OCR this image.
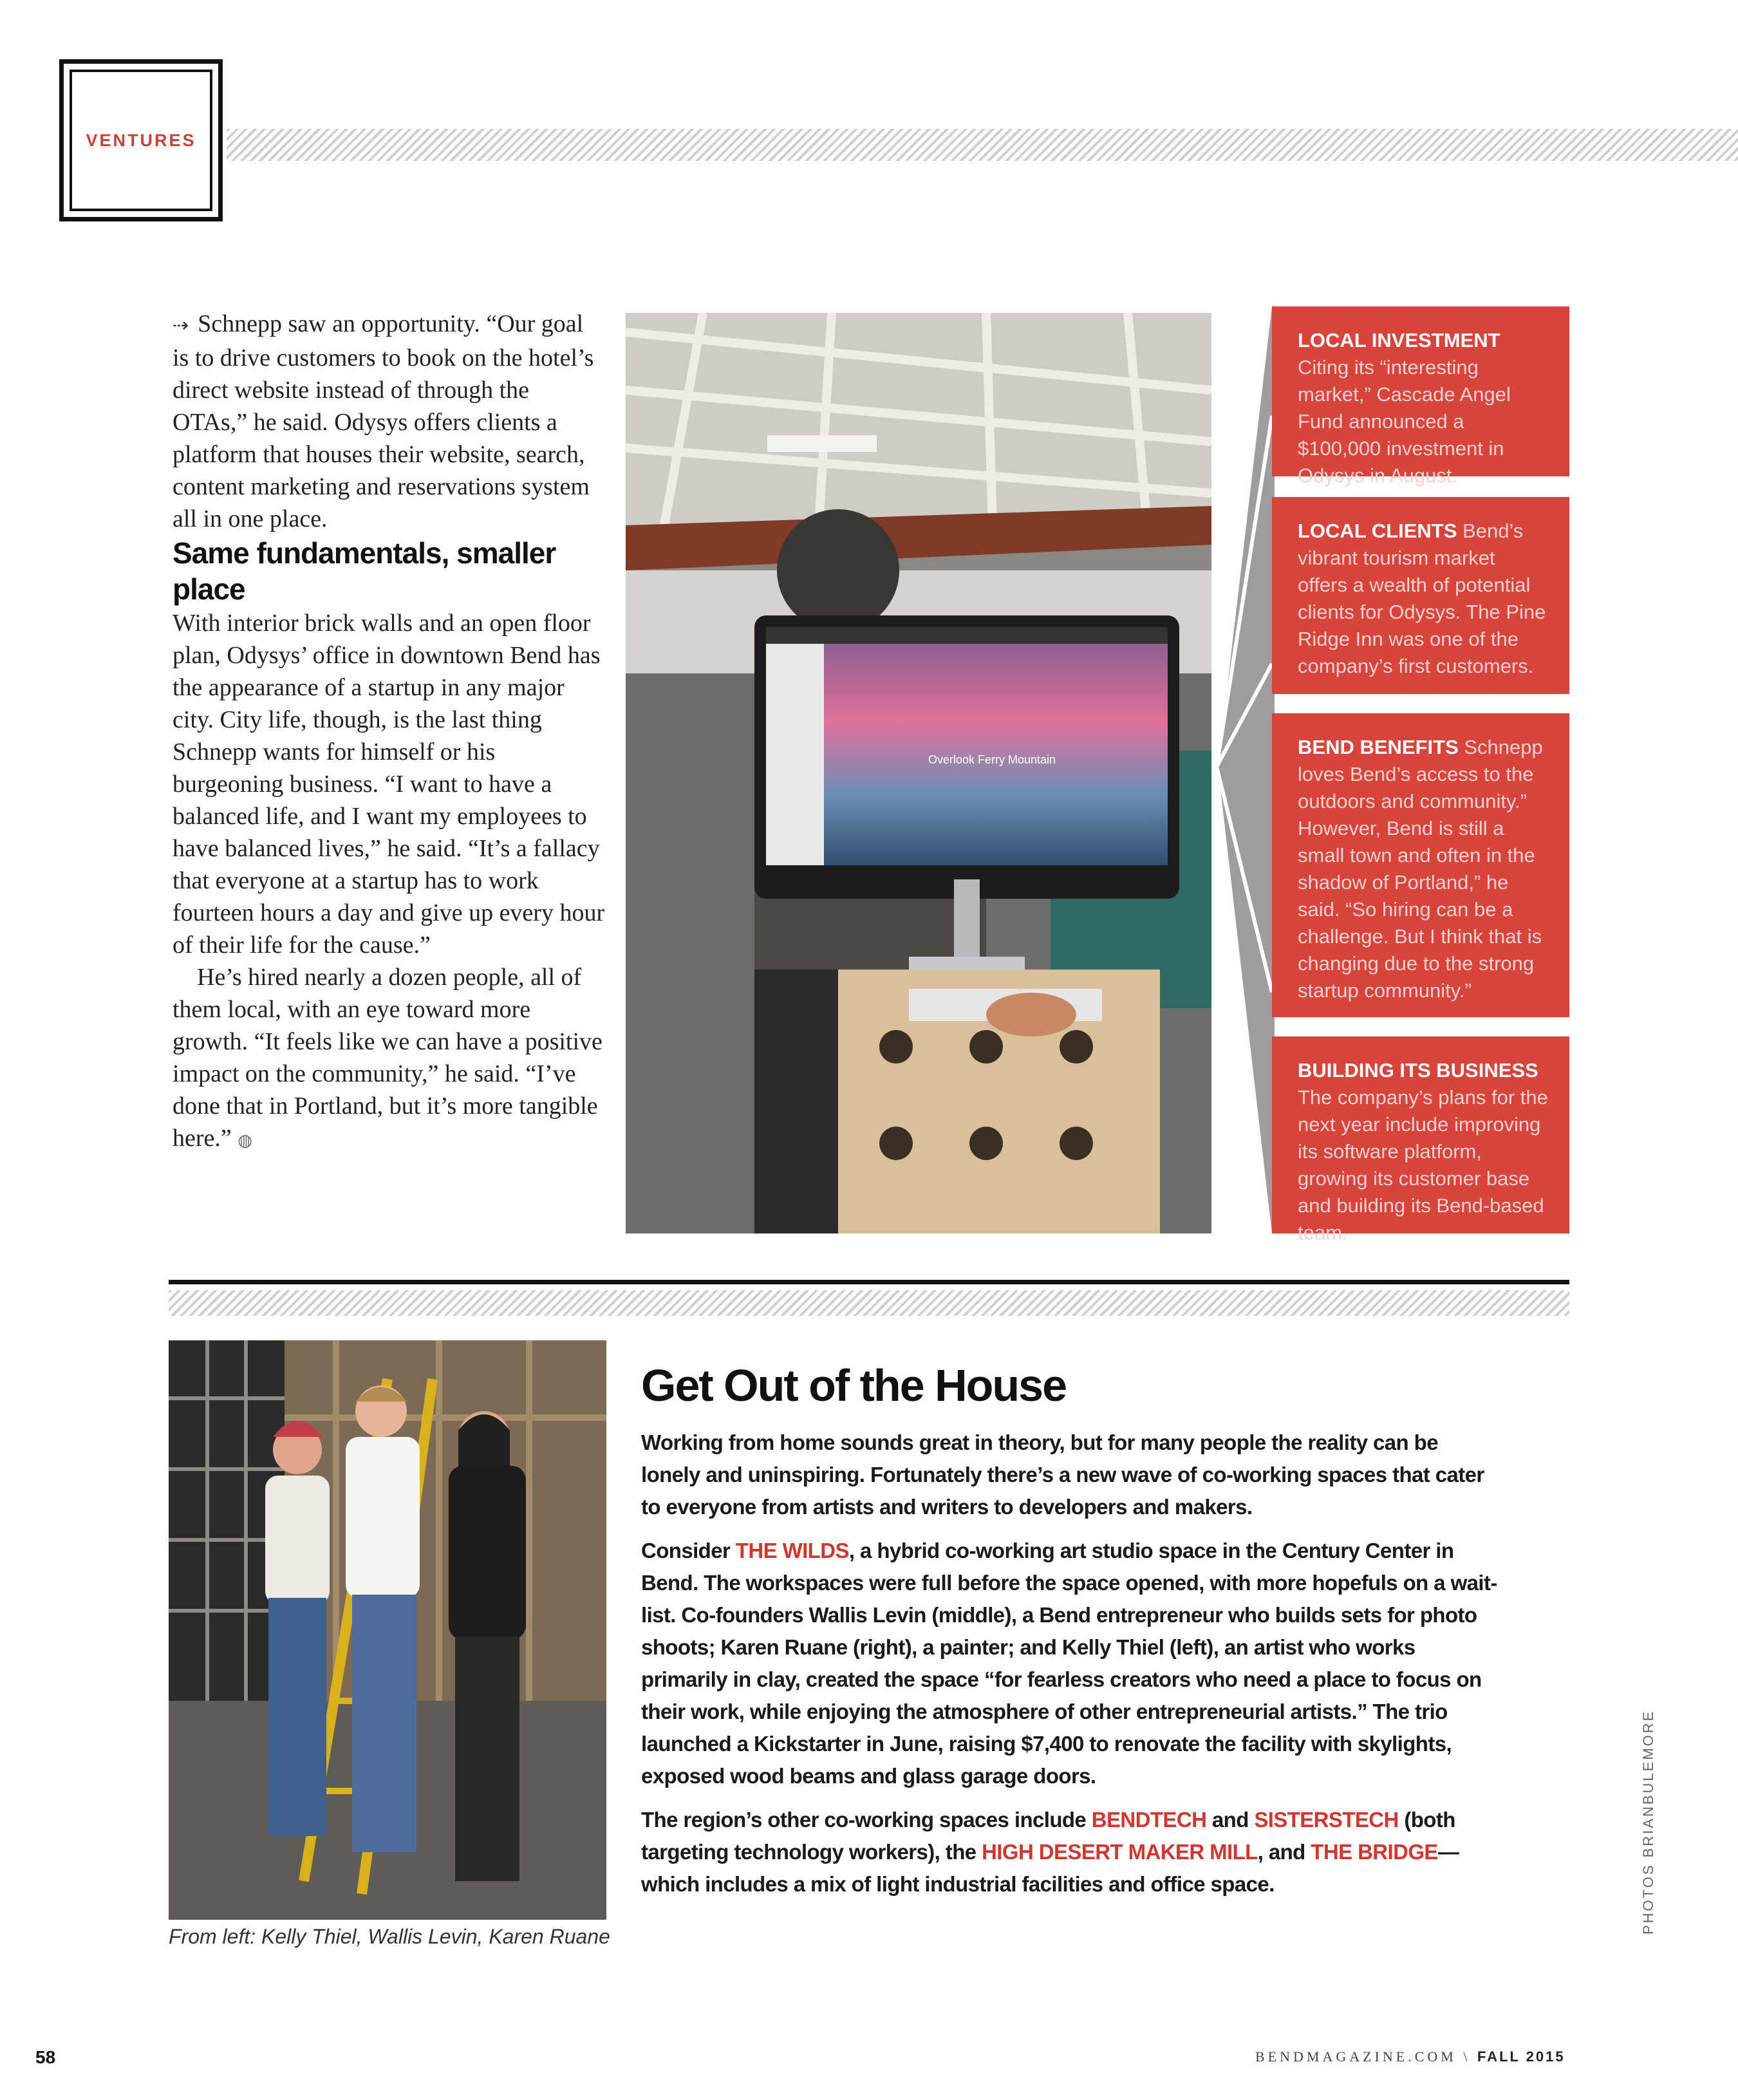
VENTURES

⇢ Schnepp saw an opportunity. “Our goal is to drive customers to book on the hotel’s direct website instead of through the OTAs,” he said. Odysys offers clients a platform that houses their website, search, content marketing and reservations system all in one place.

Same fundamentals, smaller place

With interior brick walls and an open floor plan, Odysys’ office in downtown Bend has the appearance of a startup in any major city. City life, though, is the last thing Schnepp wants for himself or his burgeoning business. “I want to have a balanced life, and I want my employees to have balanced lives,” he said. “It’s a fallacy that everyone at a startup has to work fourteen hours a day and give up every hour of their life for the cause.”

He’s hired nearly a dozen people, all of them local, with an eye toward more growth. “It feels like we can have a positive impact on the community,” he said. “I’ve done that in Portland, but it’s more tangible here.” ◍

Overlook Ferry Mountain
LOCAL INVESTMENT
Citing its “interesting market,” Cascade Angel Fund announced a $100,000 investment in Odysys in August.
LOCAL CLIENTS Bend’s vibrant tourism market offers a wealth of potential clients for Odysys. The Pine Ridge Inn was one of the company’s first customers.
BEND BENEFITS Schnepp loves Bend’s access to the outdoors and community.” However, Bend is still a small town and often in the shadow of Portland,” he said. “So hiring can be a challenge. But I think that is changing due to the strong startup community.”
BUILDING ITS BUSINESS
The company’s plans for the next year include improving its software platform, growing its customer base and building its Bend-based team.
From left: Kelly Thiel, Wallis Levin, Karen Ruane
Get Out of the House

Working from home sounds great in theory, but for many people the reality can be lonely and uninspiring. Fortunately there’s a new wave of co-working spaces that cater to everyone from artists and writers to developers and makers.

Consider THE WILDS, a hybrid co-working art studio space in the Century Center in Bend. The workspaces were full before the space opened, with more hopefuls on a wait-list. Co-founders Wallis Levin (middle), a Bend entrepreneur who builds sets for photo shoots; Karen Ruane (right), a painter; and Kelly Thiel (left), an artist who works primarily in clay, created the space “for fearless creators who need a place to focus on their work, while enjoying the atmosphere of other entrepreneurial artists.” The trio launched a Kickstarter in June, raising $7,400 to renovate the facility with skylights, exposed wood beams and glass garage doors.

The region’s other co-working spaces include BENDTECH and SISTERSTECH (both targeting technology workers), the HIGH DESERT MAKER MILL, and THE BRIDGE—which includes a mix of light industrial facilities and office space.	PHOTOS BRIANBULEMORE
58	BENDMAGAZINE.COM \ FALL 2015
